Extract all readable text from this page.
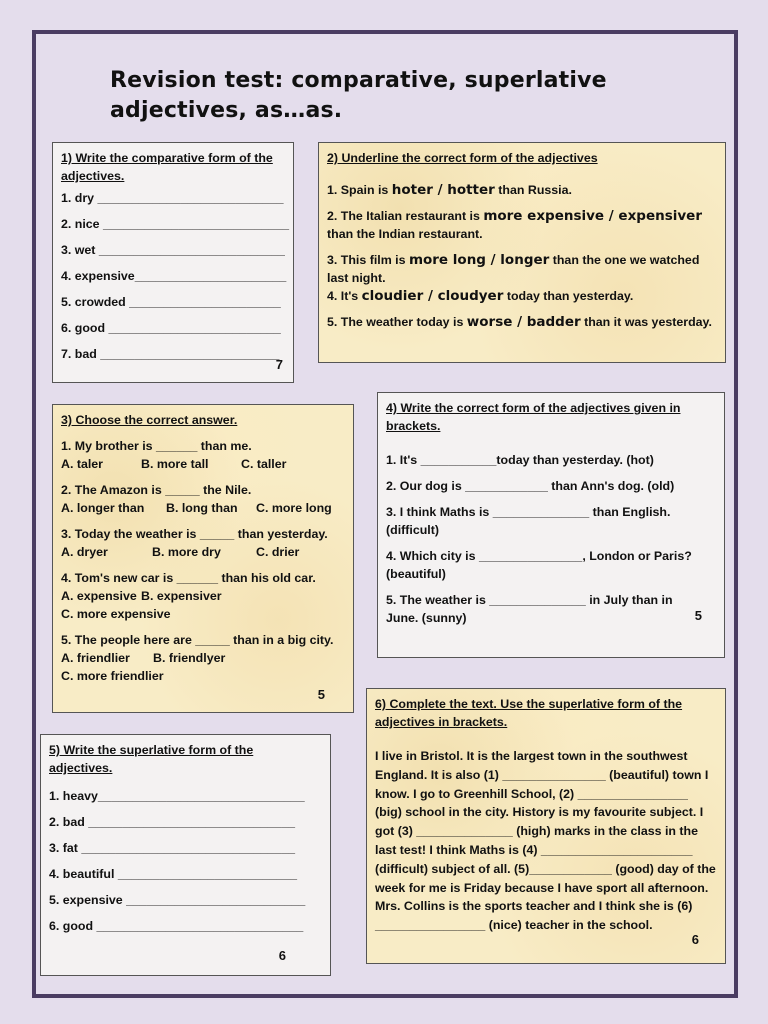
Revision test: comparative, superlative
adjectives, as…as.

1) Write the comparative form of the adjectives.

1. dry ___________________________

2. nice ___________________________

3. wet ___________________________

4. expensive______________________

5. crowded ______________________

6. good _________________________

7. bad __________________________

7

2) Underline the correct form of the adjectives

1. Spain is hoter / hotter than Russia.

2. The Italian restaurant is more expensive / expensiver than the Indian restaurant.

3. This film is more long / longer than the one we watched last night.

4. It's cloudier / cloudyer today than yesterday.

5. The weather today is worse / badder than it was yesterday.

3) Choose the correct answer.

1. My brother is ______ than me.

A. taler	B. more tall	C. taller

2. The Amazon is _____ the Nile.

A. longer than B. long than C. more long

3. Today the weather is _____ than yesterday.

A. dryer	B. more dry	C. drier

4. Tom's new car is ______ than his old car.

A. expensive B. expensiver

C. more expensive

5. The people here are _____ than in a big city.

A. friendlier B. friendlyer

C. more friendlier

5

4) Write the correct form of the adjectives given in brackets.

1. It's ___________today than yesterday. (hot)

2. Our dog is ____________ than Ann's dog. (old)

3. I think Maths is ______________ than English. (difficult)

4. Which city is _______________, London or Paris? (beautiful)

5. The weather is ______________ in July than in June. (sunny)	5

5) Write the superlative form of the adjectives.

1. heavy______________________________

2. bad ______________________________

3. fat _______________________________

4. beautiful __________________________

5. expensive __________________________

6. good ______________________________

6

6) Complete the text. Use the superlative form of the adjectives in brackets.

I live in Bristol. It is the largest town in the southwest England. It is also (1) _______________ (beautiful) town I know. I go to Greenhill School, (2) ________________ (big) school in the city. History is my favourite subject. I got (3) ______________ (high) marks in the class in the last test! I think Maths is (4) ______________________ (difficult) subject of all. (5)____________ (good) day of the week for me is Friday because I have sport all afternoon. Mrs. Collins is the sports teacher and I think she is (6) ________________ (nice) teacher in the school.

6
